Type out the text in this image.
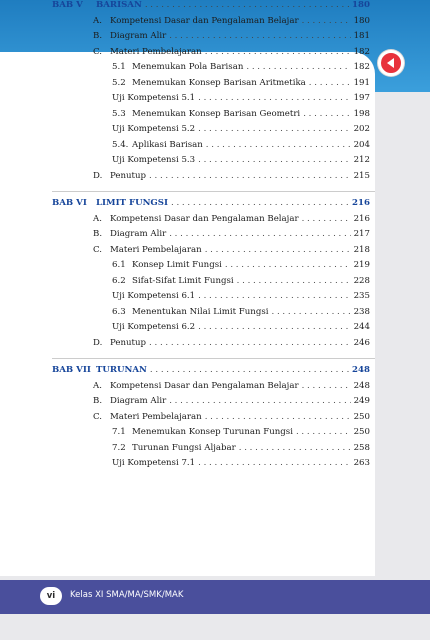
BAB V	BARISAN . . .	180
A. Kompetensi Dasar dan Pengalaman Belajar . . .	180
B. Diagram Alir . . .	181
C. Materi Pembelajaran . . .	182
5.1 Menemukan Pola Barisan . . .	182
5.2 Menemukan Konsep Barisan Aritmetika . . .	191
Uji Kompetensi 5.1 . . .	197
5.3 Menemukan Konsep Barisan Geometri . . .	198
Uji Kompetensi 5.2 . . .	202
5.4. Aplikasi Barisan . . .	204
Uji Kompetensi 5.3 . . .	212
D. Penutup . . .	215
BAB VI	LIMIT FUNGSI . . .	216
A. Kompetensi Dasar dan Pengalaman Belajar . . .	216
B. Diagram Alir . . .	217
C. Materi Pembelajaran . . .	218
6.1 Konsep Limit Fungsi . . .	219
6.2 Sifat-Sifat Limit Fungsi . . .	228
Uji Kompetensi 6.1 . . .	235
6.3 Menentukan Nilai Limit Fungsi . . .	238
Uji Kompetensi 6.2 . . .	244
D. Penutup . . .	246
BAB VII TURUNAN . . .	248
A. Kompetensi Dasar dan Pengalaman Belajar . . .	248
B. Diagram Alir . . .	249
C. Materi Pembelajaran . . .	250
7.1 Menemukan Konsep Turunan Fungsi . . .	250
7.2 Turunan Fungsi Aljabar . . .	258
Uji Kompetensi 7.1 . . .	263
vi	Kelas XI SMA/MA/SMK/MAK
